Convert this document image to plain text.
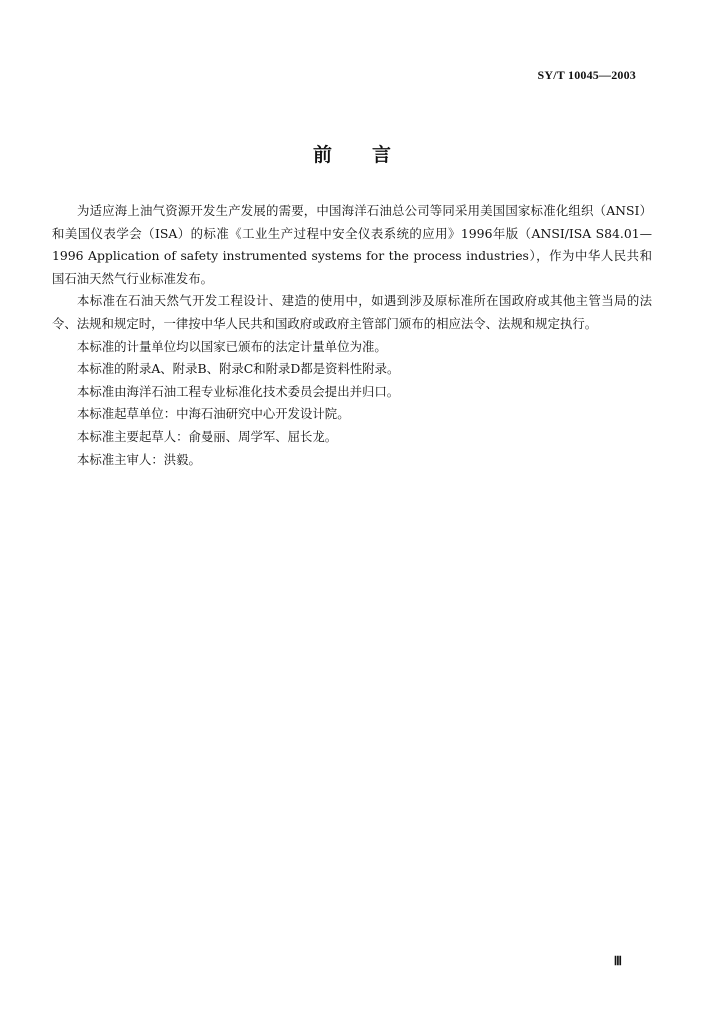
SY/T 10045—2003
前 言

为适应海上油气资源开发生产发展的需要，中国海洋石油总公司等同采用美国国家标准化组织（ANSI）和美国仪表学会（ISA）的标准《工业生产过程中安全仪表系统的应用》1996年版（ANSI/ISA S84.01—1996 Application of safety instrumented systems for the process industries），作为中华人民共和国石油天然气行业标准发布。

本标准在石油天然气开发工程设计、建造的使用中，如遇到涉及原标准所在国政府或其他主管当局的法令、法规和规定时，一律按中华人民共和国政府或政府主管部门颁布的相应法令、法规和规定执行。

本标准的计量单位均以国家已颁布的法定计量单位为准。

本标准的附录A、附录B、附录C和附录D都是资料性附录。

本标准由海洋石油工程专业标准化技术委员会提出并归口。

本标准起草单位：中海石油研究中心开发设计院。

本标准主要起草人：俞曼丽、周学军、屈长龙。

本标准主审人：洪毅。

Ⅲ
